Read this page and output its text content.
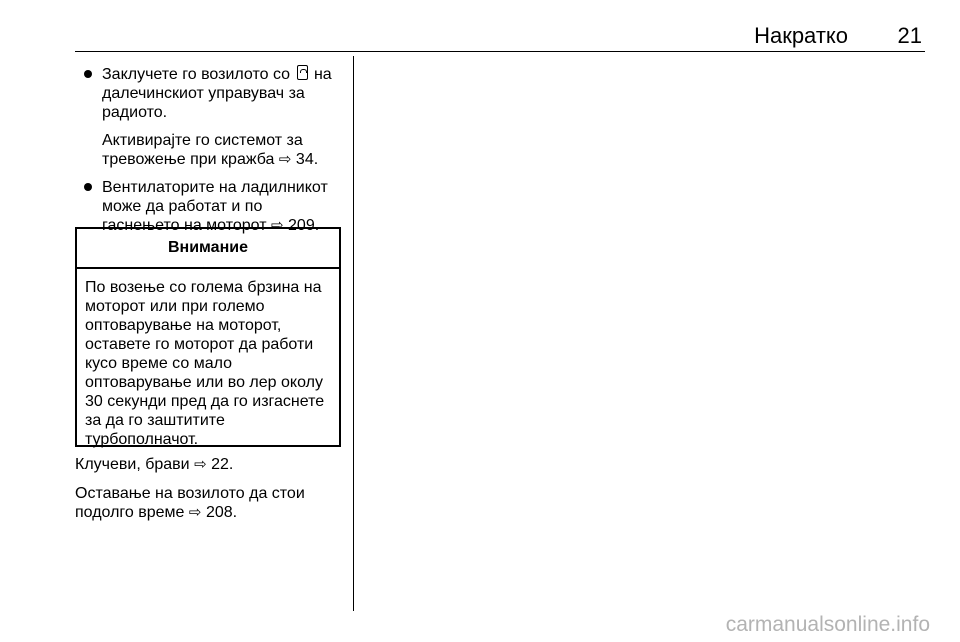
Накратко	21

Заклучете го возилото со на далечинскиот управувач за радиото.

Активирајте го системот за тревожење при кражба ⇨ 34.

Вентилаторите на ладилникот може да работат и по гаснењето на моторот ⇨ 209.

Внимание
По возење со голема брзина на моторот или при големо оптоварување на моторот, оставете го моторот да работи кусо време со мало оптоварување или во лер околу 30 секунди пред да го изгаснете за да го заштитите турбополначот.

Клучеви, брави ⇨ 22.

Оставање на возилото да стои подолго време ⇨ 208.

carmanualsonline.info
